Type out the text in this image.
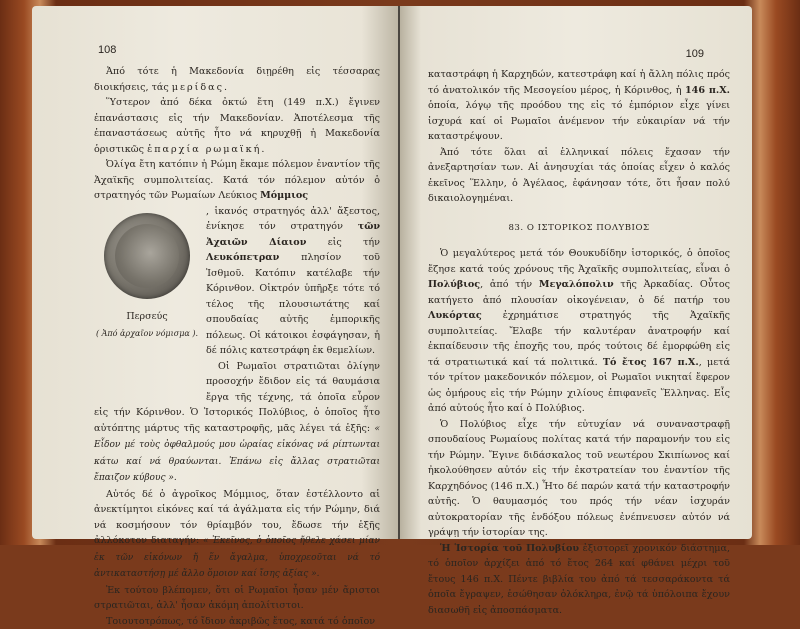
108

Ἀπό τότε ἡ Μακεδονία διῃρέθη εἰς τέσσαρας διοικήσεις, τάς μερίδας.

Ὕστερον ἀπό δέκα ὀκτώ ἔτη (149 π.Χ.) ἔγινεν ἐπανάστασις εἰς τήν Μακεδονίαν. Ἀποτέλεσμα τῆς ἐπαναστάσεως αὐτῆς ἦτο νά κηρυχθῇ ἡ Μακεδονία ὁριστικῶς ἐπαρχία ρωμαϊκή.

Ὀλίγα ἔτη κατόπιν ἡ Ρώμη ἔκαμε πόλεμον ἐναντίον τῆς Ἀχαϊκῆς συμπολιτείας. Κατά τόν πόλεμον αὐτόν ὁ στρατηγός τῶν Ρωμαίων Λεύκιος Μόμμιος

Περσεύς
( Ἀπό ἀρχαῖον νόμισμα ).

, ἱκανός στρατηγός ἀλλ' ἄξεστος, ἐνίκησε τόν στρατηγόν τῶν Ἀχαιῶν Δίαιον εἰς τήν Λευκόπετραν πλησίον τοῦ Ἰσθμοῦ. Κατόπιν κατέλαβε τήν Κόρινθον. Οἰκτρόν ὑπῆρξε τότε τό τέλος τῆς πλουσιωτάτης καί σπουδαίας αὐτῆς ἐμπορικῆς πόλεως. Οἱ κάτοικοι ἐσφάγησαν, ἡ δέ πόλις κατεστράφη ἐκ θεμελίων.

Οἱ Ρωμαῖοι στρατιῶται ὀλίγην προσοχήν ἔδιδον εἰς τά θαυμάσια ἔργα τῆς τέχνης, τά ὁποῖα εὗρον εἰς τήν Κόρινθον. Ὁ Ἱστορικός Πολύβιος, ὁ ὁποῖος ἦτο αὐτόπτης μάρτυς τῆς καταστροφῆς, μᾶς λέγει τά ἑξῆς: « Εἶδον μέ τοὺς ὀφθαλμούς μου ὡραίας εἰκόνας νά ρίπτωνται κάτω καί νά θραύωνται. Ἐπάνω εἰς ἄλλας στρατιῶται ἔπαιζον κύβους ».

Αὐτός δέ ὁ ἀγροῖκος Μόμμιος, ὅταν ἐστέλλοντο αἱ ἀνεκτίμητοι εἰκόνες καί τά ἀγάλματα εἰς τήν Ρώμην, διά νά κοσμήσουν τόν θρίαμβόν του, ἔδωσε τήν ἑξῆς ἀλλόκοτον διαταγήν: « Ἐκεῖνος, ὁ ὁποῖος ἤθελε χάσει μίαν ἐκ τῶν εἰκόνων ἤ ἕν ἄγαλμα, ὑποχρεοῦται νά τό ἀντικαταστήσῃ μέ ἄλλο ὅμοιον καί ἴσης ἀξίας ».

Ἐκ τούτου βλέπομεν, ὅτι οἱ Ρωμαῖοι ἦσαν μέν ἄριστοι στρατιῶται, ἀλλ' ἦσαν ἀκόμη ἀπολίτιστοι.

Τοιουτοτρόπως, τό ἴδιον ἀκριβῶς ἔτος, κατά τό ὁποῖον

109

καταστράφη ἡ Καρχηδών, κατεστράφη καί ἡ ἄλλη πόλις πρός τό ἀνατολικόν τῆς Μεσογείου μέρος, ἡ Κόρινθος, ἡ 146 π.Χ. ὁποία, λόγῳ τῆς προόδου της εἰς τό ἐμπόριον εἶχε γίνει ἰσχυρά καί οἱ Ρωμαῖοι ἀνέμενον τήν εὐκαιρίαν νά τήν καταστρέψουν.

Ἀπό τότε ὅλαι αἱ ἑλληνικαί πόλεις ἔχασαν τήν ἀνεξαρτησίαν των. Αἱ ἀνησυχίαι τάς ὁποίας εἶχεν ὁ καλός ἐκεῖνος Ἕλλην, ὁ Ἀγέλαος, ἐφάνησαν τότε, ὅτι ἦσαν πολύ δικαιολογημέναι.

83. Ο ΙΣΤΟΡΙΚΟΣ ΠΟΛΥΒΙΟΣ

Ὁ μεγαλύτερος μετά τόν Θουκυδίδην ἱστορικός, ὁ ὁποῖος ἔζησε κατά τούς χρόνους τῆς Ἀχαϊκῆς συμπολιτείας, εἶναι ὁ Πολύβιος, ἀπό τήν Μεγαλόπολιν τῆς Ἀρκαδίας. Οὗτος κατήγετο ἀπό πλουσίαν οἰκογένειαν, ὁ δέ πατήρ του Λυκόρτας ἐχρημάτισε στρατηγός τῆς Ἀχαϊκῆς συμπολιτείας. Ἔλαβε τήν καλυτέραν ἀνατροφήν καί ἐκπαίδευσιν τῆς ἐποχῆς του, πρός τούτοις δέ ἐμορφώθη εἰς τά στρατιωτικά καί τά πολιτικά. Τό ἔτος 167 π.Χ., μετά τόν τρίτον μακεδονικόν πόλεμον, οἱ Ρωμαῖοι νικηταί ἔφερον ὡς ὁμήρους εἰς τήν Ρώμην χιλίους ἐπιφανεῖς Ἕλληνας. Εἷς ἀπό αὐτούς ἦτο καί ὁ Πολύβιος.

Ὁ Πολύβιος εἶχε τήν εὐτυχίαν νά συναναστραφῇ σπουδαίους Ρωμαίους πολίτας κατά τήν παραμονήν του εἰς τήν Ρώμην. Ἔγινε διδάσκαλος τοῦ νεωτέρου Σκιπίωνος καί ἠκολούθησεν αὐτόν εἰς τήν ἐκστρατείαν του ἐναντίον τῆς Καρχηδόνος (146 π.Χ.) Ἦτο δέ παρών κατά τήν καταστροφήν αὐτῆς. Ὁ θαυμασμός του πρός τήν νέαν ἰσχυράν αὐτοκρατορίαν τῆς ἐνδόξου πόλεως ἐνέπνευσεν αὐτόν νά γράψῃ τήν ἱστορίαν της.

Ἡ Ἱστορία τοῦ Πολυβίου ἐξιστορεῖ χρονικόν διάστημα, τό ὁποῖον ἀρχίζει ἀπό τό ἔτος 264 καί φθάνει μέχρι τοῦ ἔτους 146 π.Χ. Πέντε βιβλία του ἀπό τά τεσσαράκοντα τά ὁποῖα ἔγραψεν, ἐσώθησαν ὁλόκληρα, ἐνῷ τά ὑπόλοιπα ἔχουν διασωθῆ εἰς ἀποσπάσματα.
